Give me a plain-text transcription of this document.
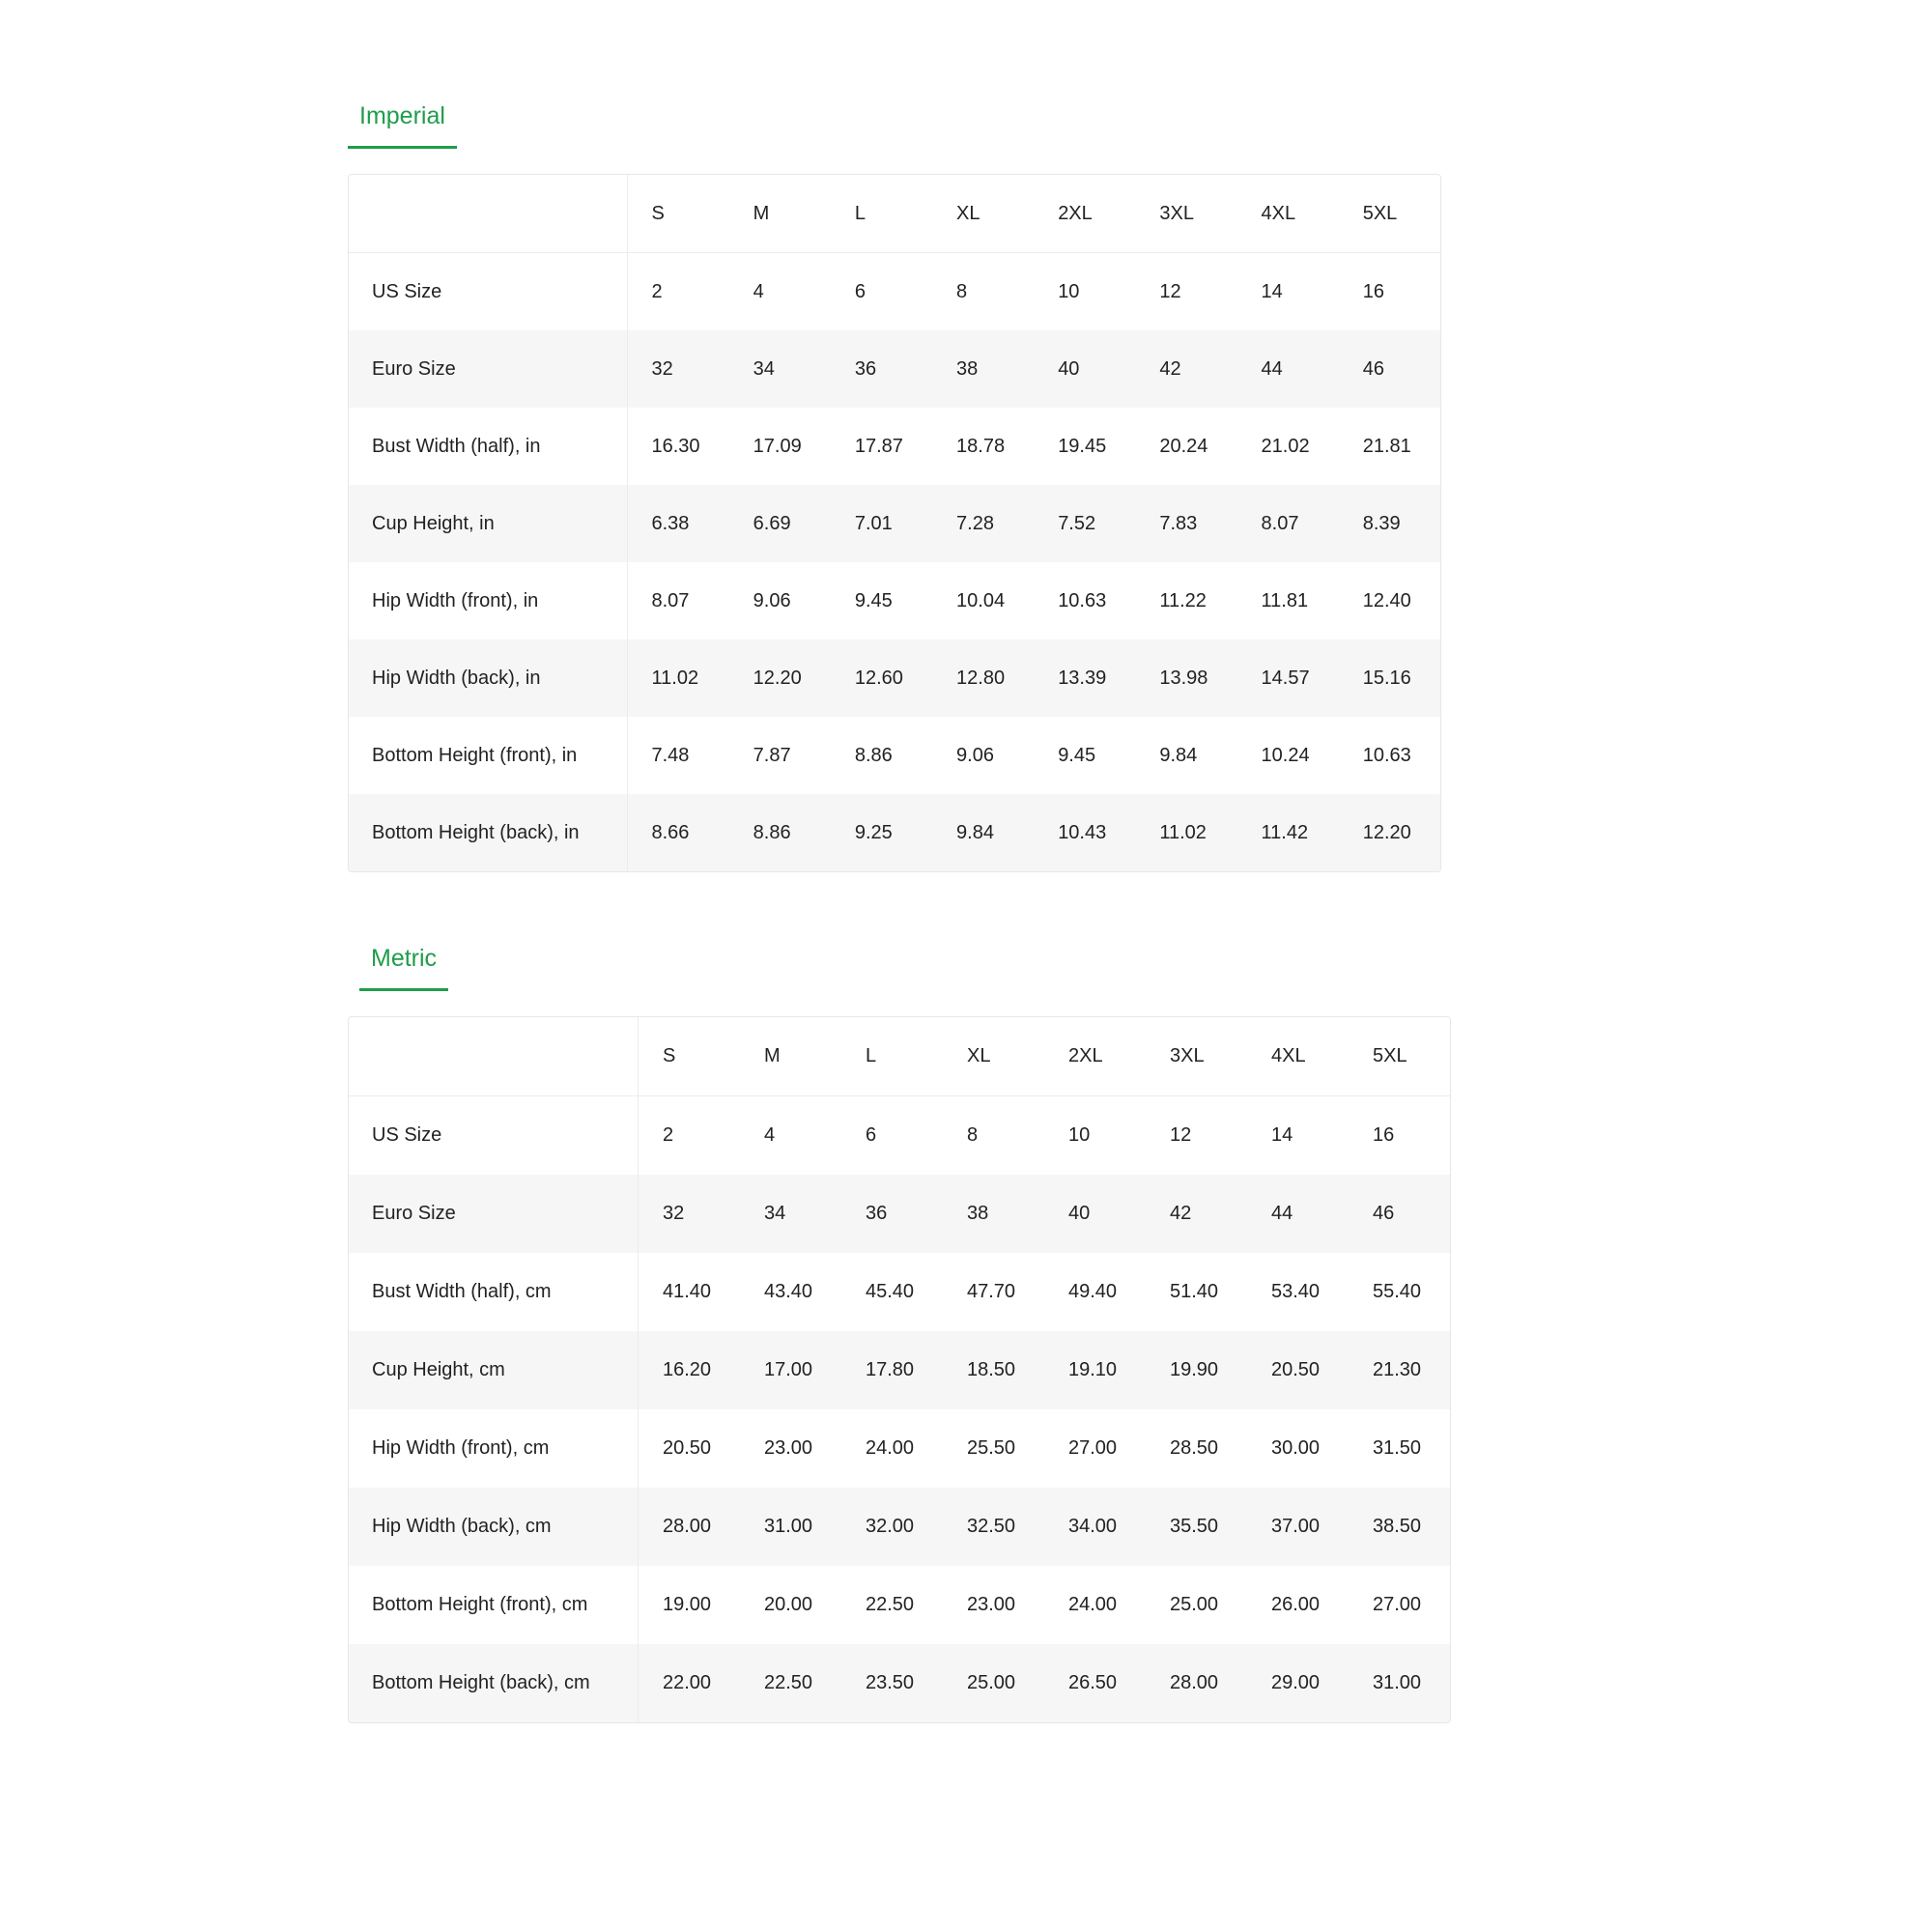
Imperial
	S	M	L	XL	2XL	3XL	4XL	5XL
US Size	2	4	6	8	10	12	14	16
Euro Size	32	34	36	38	40	42	44	46
Bust Width (half), in	16.30	17.09	17.87	18.78	19.45	20.24	21.02	21.81
Cup Height, in	6.38	6.69	7.01	7.28	7.52	7.83	8.07	8.39
Hip Width (front), in	8.07	9.06	9.45	10.04	10.63	11.22	11.81	12.40
Hip Width (back), in	11.02	12.20	12.60	12.80	13.39	13.98	14.57	15.16
Bottom Height (front), in	7.48	7.87	8.86	9.06	9.45	9.84	10.24	10.63
Bottom Height (back), in	8.66	8.86	9.25	9.84	10.43	11.02	11.42	12.20
Metric
	S	M	L	XL	2XL	3XL	4XL	5XL
US Size	2	4	6	8	10	12	14	16
Euro Size	32	34	36	38	40	42	44	46
Bust Width (half), cm	41.40	43.40	45.40	47.70	49.40	51.40	53.40	55.40
Cup Height, cm	16.20	17.00	17.80	18.50	19.10	19.90	20.50	21.30
Hip Width (front), cm	20.50	23.00	24.00	25.50	27.00	28.50	30.00	31.50
Hip Width (back), cm	28.00	31.00	32.00	32.50	34.00	35.50	37.00	38.50
Bottom Height (front), cm	19.00	20.00	22.50	23.00	24.00	25.00	26.00	27.00
Bottom Height (back), cm	22.00	22.50	23.50	25.00	26.50	28.00	29.00	31.00
